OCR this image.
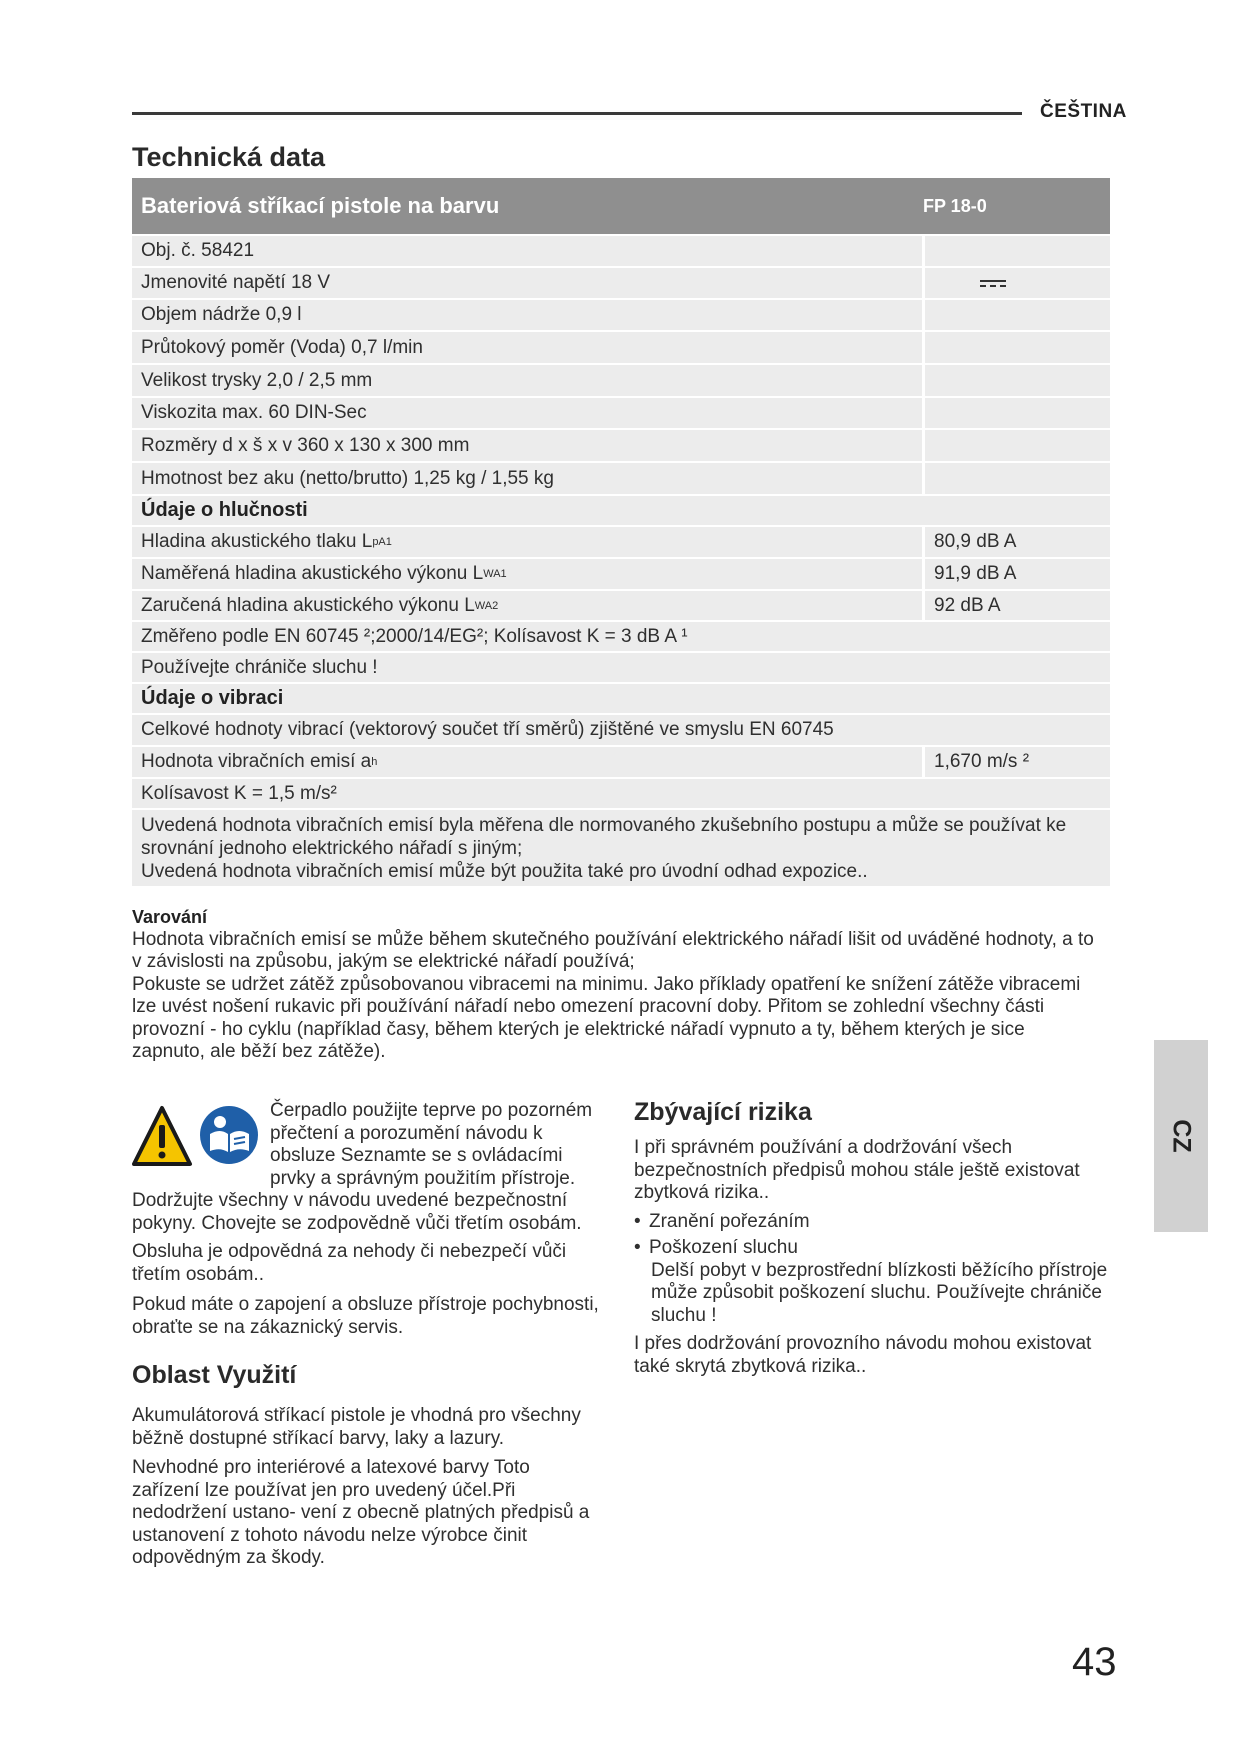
ČEŠTINA
Technická data
Bateriová stříkací pistole na barvu	FP 18-0
Obj. č. 58421
Jmenovité napětí 18 V
Objem nádrže 0,9 l
Průtokový poměr (Voda) 0,7 l/min
Velikost trysky 2,0 / 2,5 mm
Viskozita max. 60 DIN-Sec
Rozměry d x š x v 360 x 130 x 300 mm
Hmotnost bez aku (netto/brutto) 1,25 kg / 1,55 kg
Údaje o hlučnosti
Hladina akustického tlaku L pA 1	80,9 dB A
Naměřená hladina akustického výkonu L WA 1	91,9 dB A
Zaručená hladina akustického výkonu L WA 2	92 dB A
Změřeno podle EN 60745 ²;2000/14/EG²; Kolísavost K = 3 dB A ¹
Používejte chrániče sluchu !
Údaje o vibraci
Celkové hodnoty vibrací (vektorový součet tří směrů) zjištěné ve smyslu EN 60745
Hodnota vibračních emisí a h	1,670 m/s ²
Kolísavost K = 1,5 m/s²
Uvedená hodnota vibračních emisí byla měřena dle normovaného zkušebního postupu a může se používat ke srovnání jednoho elektrického nářadí s jiným;
Uvedená hodnota vibračních emisí může být použita také pro úvodní odhad expozice..
Varování

Hodnota vibračních emisí se může během skutečného používání elektrického nářadí lišit od uváděné hodnoty, a to v závislosti na způsobu, jakým se elektrické nářadí používá;

Pokuste se udržet zátěž způsobovanou vibracemi na minimu. Jako příklady opatření ke snížení zátěže vibracemi lze uvést nošení rukavic při používání nářadí nebo omezení pracovní doby. Přitom se zohlední všechny části provozní - ho cyklu (například časy, během kterých je elektrické nářadí vypnuto a ty, během kterých je sice zapnuto, ale běží bez zátěže).

Čerpadlo použijte teprve po pozorném přečtení a porozumění návodu k obsluze Seznamte se s ovládacími prvky a správným použitím přístroje. Dodržujte všechny v návodu uvedené bezpečnostní pokyny. Chovejte se zodpovědně vůči třetím osobám.
Obsluha je odpovědná za nehody či nebezpečí vůči třetím osobám..
Pokud máte o zapojení a obsluze přístroje pochybnosti, obraťte se na zákaznický servis.
Oblast Využití
Akumulátorová stříkací pistole je vhodná pro všechny běžně dostupné stříkací barvy, laky a lazury.
Nevhodné pro interiérové a latexové barvy Toto zařízení lze používat jen pro uvedený účel.Při nedodržení ustano- vení z obecně platných předpisů a ustanovení z tohoto návodu nelze výrobce činit odpovědným za škody.
Zbývající rizika
I při správném používání a dodržování všech bezpečnostních předpisů mohou stále ještě existovat zbytková rizika..
• Zranění pořezáním
• Poškození sluchu
Delší pobyt v bezprostřední blízkosti běžícího přístroje může způsobit poškození sluchu. Používejte chrániče sluchu !
I přes dodržování provozního návodu mohou existovat také skrytá zbytková rizika..
CZ
43
